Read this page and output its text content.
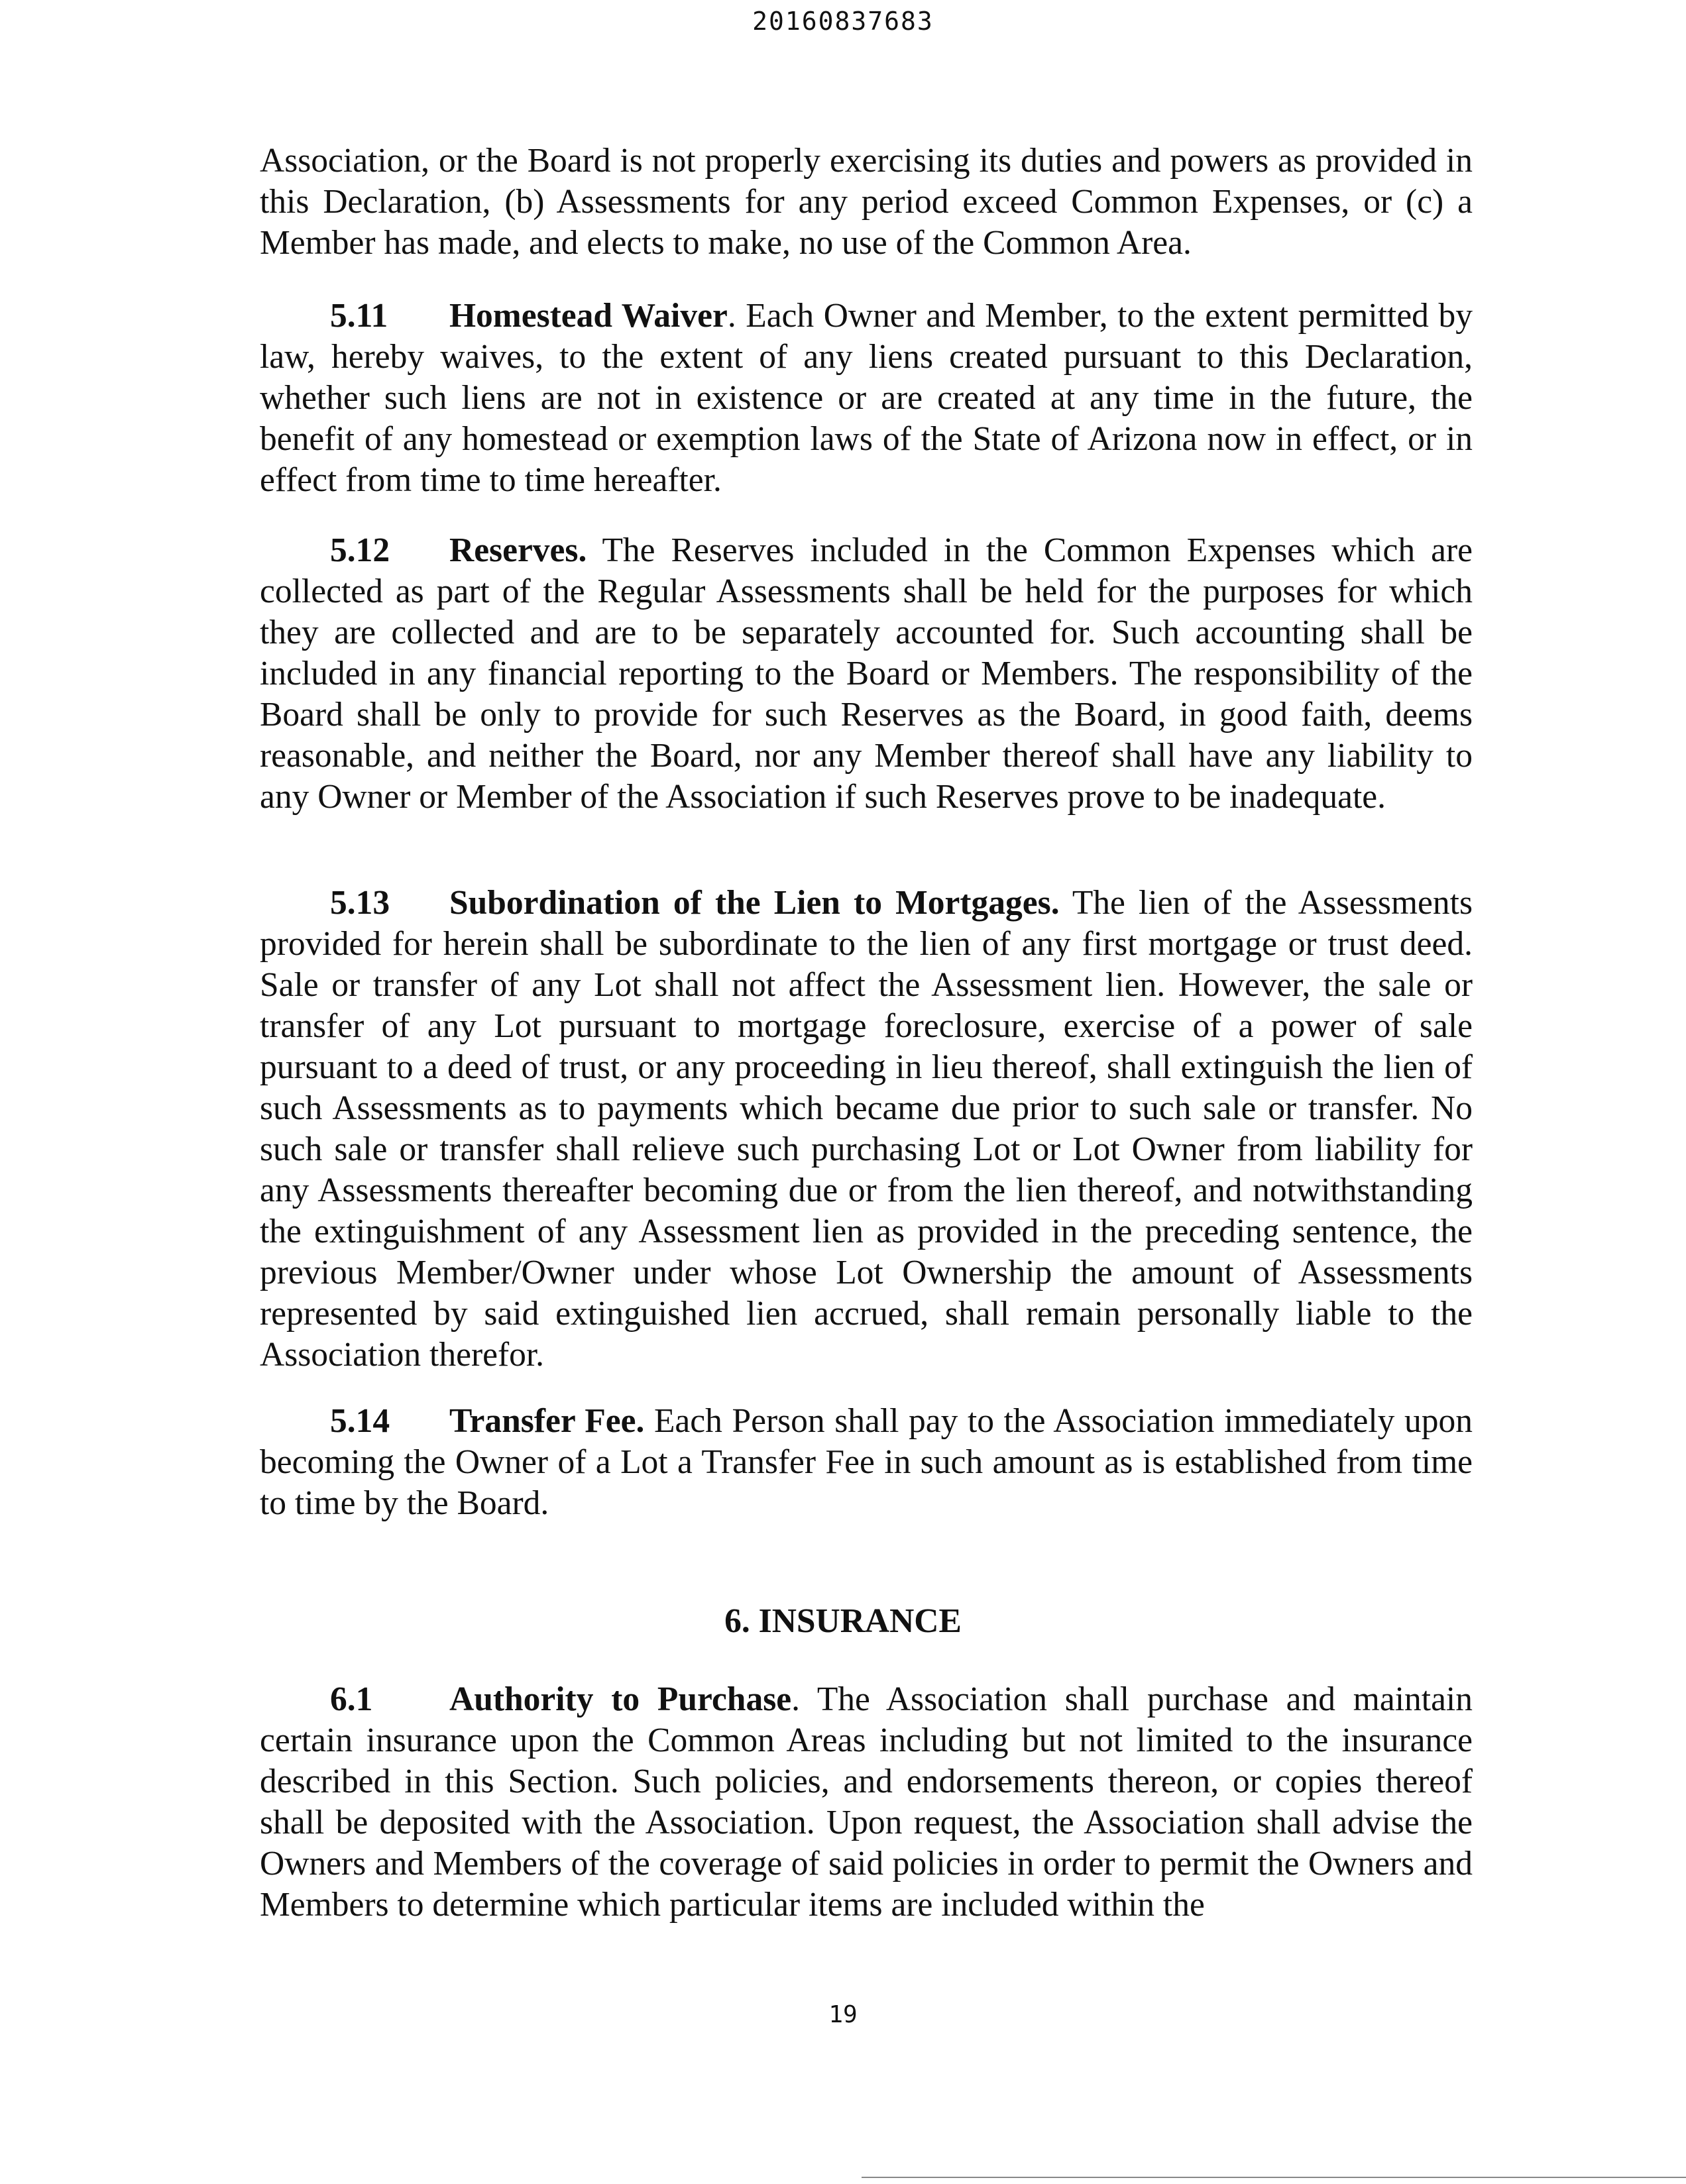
20160837683

Association, or the Board is not properly exercising its duties and powers as provided in this Declaration, (b) Assessments for any period exceed Common Expenses, or (c) a Member has made, and elects to make, no use of the Common Area.

5.11 Homestead Waiver. Each Owner and Member, to the extent permitted by law, hereby waives, to the extent of any liens created pursuant to this Declaration, whether such liens are not in existence or are created at any time in the future, the benefit of any homestead or exemption laws of the State of Arizona now in effect, or in effect from time to time hereafter.

5.12 Reserves. The Reserves included in the Common Expenses which are collected as part of the Regular Assessments shall be held for the purposes for which they are collected and are to be separately accounted for. Such accounting shall be included in any financial reporting to the Board or Members. The responsibility of the Board shall be only to provide for such Reserves as the Board, in good faith, deems reasonable, and neither the Board, nor any Member thereof shall have any liability to any Owner or Member of the Association if such Reserves prove to be inadequate.

5.13 Subordination of the Lien to Mortgages. The lien of the Assessments provided for herein shall be subordinate to the lien of any first mortgage or trust deed. Sale or transfer of any Lot shall not affect the Assessment lien. However, the sale or transfer of any Lot pursuant to mortgage foreclosure, exercise of a power of sale pursuant to a deed of trust, or any proceeding in lieu thereof, shall extinguish the lien of such Assessments as to payments which became due prior to such sale or transfer. No such sale or transfer shall relieve such purchasing Lot or Lot Owner from liability for any Assessments thereafter becoming due or from the lien thereof, and notwithstanding the extinguishment of any Assessment lien as provided in the preceding sentence, the previous Member/Owner under whose Lot Ownership the amount of Assessments represented by said extinguished lien accrued, shall remain personally liable to the Association therefor.

5.14 Transfer Fee. Each Person shall pay to the Association immediately upon becoming the Owner of a Lot a Transfer Fee in such amount as is established from time to time by the Board.

6. INSURANCE

6.1 Authority to Purchase. The Association shall purchase and maintain certain insurance upon the Common Areas including but not limited to the insurance described in this Section. Such policies, and endorsements thereon, or copies thereof shall be deposited with the Association. Upon request, the Association shall advise the Owners and Members of the coverage of said policies in order to permit the Owners and Members to determine which particular items are included within the

19
